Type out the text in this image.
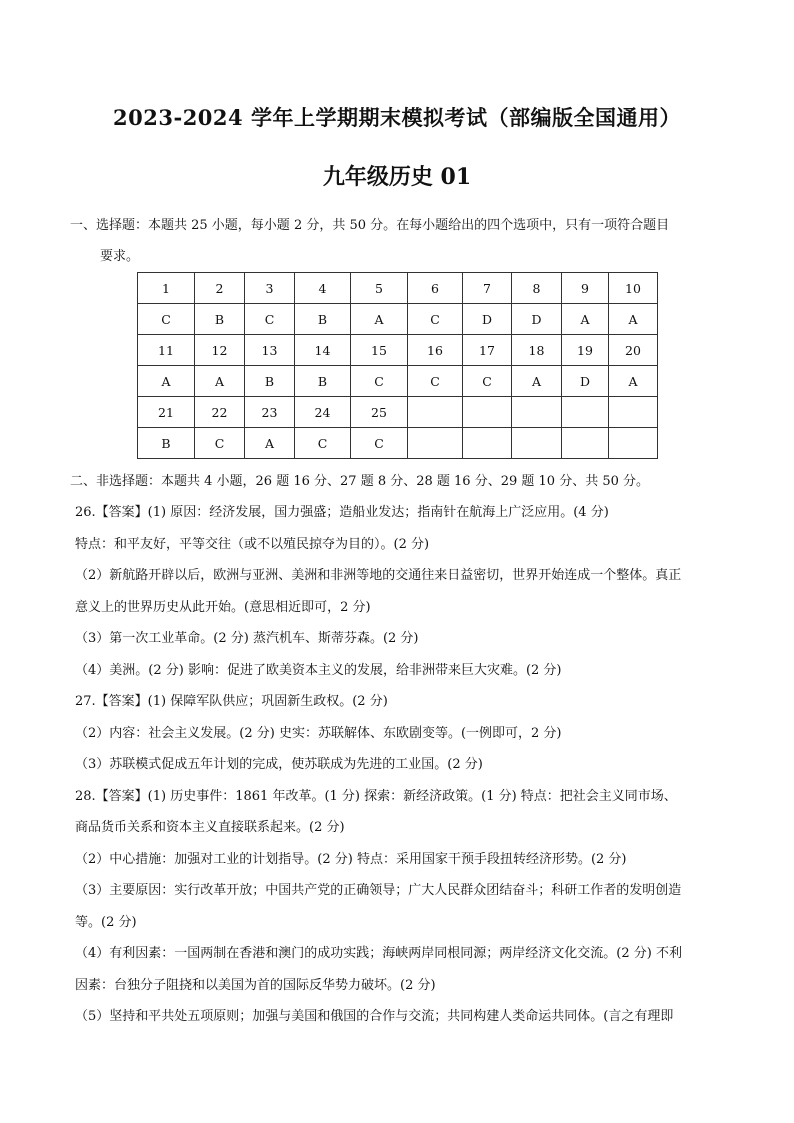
2023-2024 学年上学期期末模拟考试（部编版全国通用）
九年级历史 01
一、选择题：本题共 25 小题，每小题 2 分，共 50 分。在每小题给出的四个选项中，只有一项符合题目
要求。
1	2	3	4	5	6	7	8	9	10
C	B	C	B	A	C	D	D	A	A
11	12	13	14	15	16	17	18	19	20
A	A	B	B	C	C	C	A	D	A
21	22	23	24	25					
B	C	A	C	C					
二、非选择题：本题共 4 小题，26 题 16 分、27 题 8 分、28 题 16 分、29 题 10 分、共 50 分。
26.【答案】(1) 原因：经济发展，国力强盛；造船业发达；指南针在航海上广泛应用。(4 分)
特点：和平友好，平等交往（或不以殖民掠夺为目的）。(2 分)
（2）新航路开辟以后，欧洲与亚洲、美洲和非洲等地的交通往来日益密切，世界开始连成一个整体。真正
意义上的世界历史从此开始。(意思相近即可，2 分)
（3）第一次工业革命。(2 分) 蒸汽机车、斯蒂芬森。(2 分)
（4）美洲。(2 分) 影响：促进了欧美资本主义的发展，给非洲带来巨大灾难。(2 分)
27.【答案】(1) 保障军队供应；巩固新生政权。(2 分)
（2）内容：社会主义发展。(2 分) 史实：苏联解体、东欧剧变等。(一例即可，2 分)
（3）苏联模式促成五年计划的完成，使苏联成为先进的工业国。(2 分)
28.【答案】(1) 历史事件：1861 年改革。(1 分) 探索：新经济政策。(1 分) 特点：把社会主义同市场、
商品货币关系和资本主义直接联系起来。(2 分)
（2）中心措施：加强对工业的计划指导。(2 分) 特点：采用国家干预手段扭转经济形势。(2 分)
（3）主要原因：实行改革开放；中国共产党的正确领导；广大人民群众团结奋斗；科研工作者的发明创造
等。(2 分)
（4）有利因素：一国两制在香港和澳门的成功实践；海峡两岸同根同源；两岸经济文化交流。(2 分) 不利
因素：台独分子阻挠和以美国为首的国际反华势力破坏。(2 分)
（5）坚持和平共处五项原则；加强与美国和俄国的合作与交流；共同构建人类命运共同体。(言之有理即
